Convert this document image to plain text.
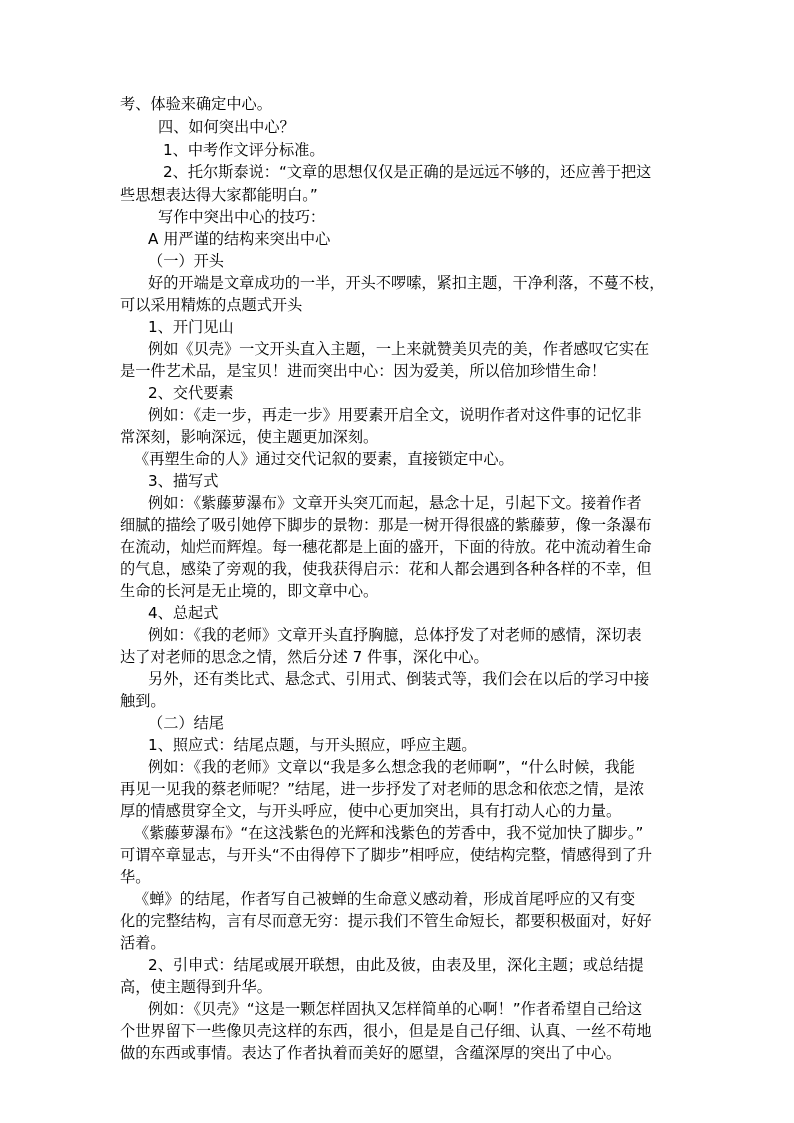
考、体验来确定中心。
四、如何突出中心？
1、中考作文评分标准。
2、托尔斯泰说：“文章的思想仅仅是正确的是远远不够的，还应善于把这
些思想表达得大家都能明白。”
写作中突出中心的技巧：
A 用严谨的结构来突出中心
（一）开头
好的开端是文章成功的一半，开头不啰嗦，紧扣主题，干净利落，不蔓不枝，
可以采用精炼的点题式开头
1、开门见山
例如《贝壳》一文开头直入主题，一上来就赞美贝壳的美，作者感叹它实在
是一件艺术品，是宝贝！进而突出中心：因为爱美，所以倍加珍惜生命！
2、交代要素
例如：《走一步，再走一步》用要素开启全文，说明作者对这件事的记忆非
常深刻，影响深远，使主题更加深刻。
《再塑生命的人》通过交代记叙的要素，直接锁定中心。
3、描写式
例如：《紫藤萝瀑布》文章开头突兀而起，悬念十足，引起下文。接着作者
细腻的描绘了吸引她停下脚步的景物：那是一树开得很盛的紫藤萝，像一条瀑布
在流动，灿烂而辉煌。每一穗花都是上面的盛开，下面的待放。花中流动着生命
的气息，感染了旁观的我，使我获得启示：花和人都会遇到各种各样的不幸，但
生命的长河是无止境的，即文章中心。
4、总起式
例如：《我的老师》文章开头直抒胸臆，总体抒发了对老师的感情，深切表
达了对老师的思念之情，然后分述 7 件事，深化中心。
另外，还有类比式、悬念式、引用式、倒装式等，我们会在以后的学习中接
触到。
（二）结尾
1、照应式：结尾点题，与开头照应，呼应主题。
例如：《我的老师》文章以“我是多么想念我的老师啊”，“什么时候，我能
再见一见我的蔡老师呢？”结尾，进一步抒发了对老师的思念和依恋之情，是浓
厚的情感贯穿全文，与开头呼应，使中心更加突出，具有打动人心的力量。
《紫藤萝瀑布》“在这浅紫色的光辉和浅紫色的芳香中，我不觉加快了脚步。”
可谓卒章显志，与开头“不由得停下了脚步”相呼应，使结构完整，情感得到了升
华。
《蝉》的结尾，作者写自己被蝉的生命意义感动着，形成首尾呼应的又有变
化的完整结构，言有尽而意无穷：提示我们不管生命短长，都要积极面对，好好
活着。
2、引申式：结尾或展开联想，由此及彼，由表及里，深化主题；或总结提
高，使主题得到升华。
例如：《贝壳》“这是一颗怎样固执又怎样简单的心啊！”作者希望自己给这
个世界留下一些像贝壳这样的东西，很小，但是是自己仔细、认真、一丝不苟地
做的东西或事情。表达了作者执着而美好的愿望，含蕴深厚的突出了中心。
